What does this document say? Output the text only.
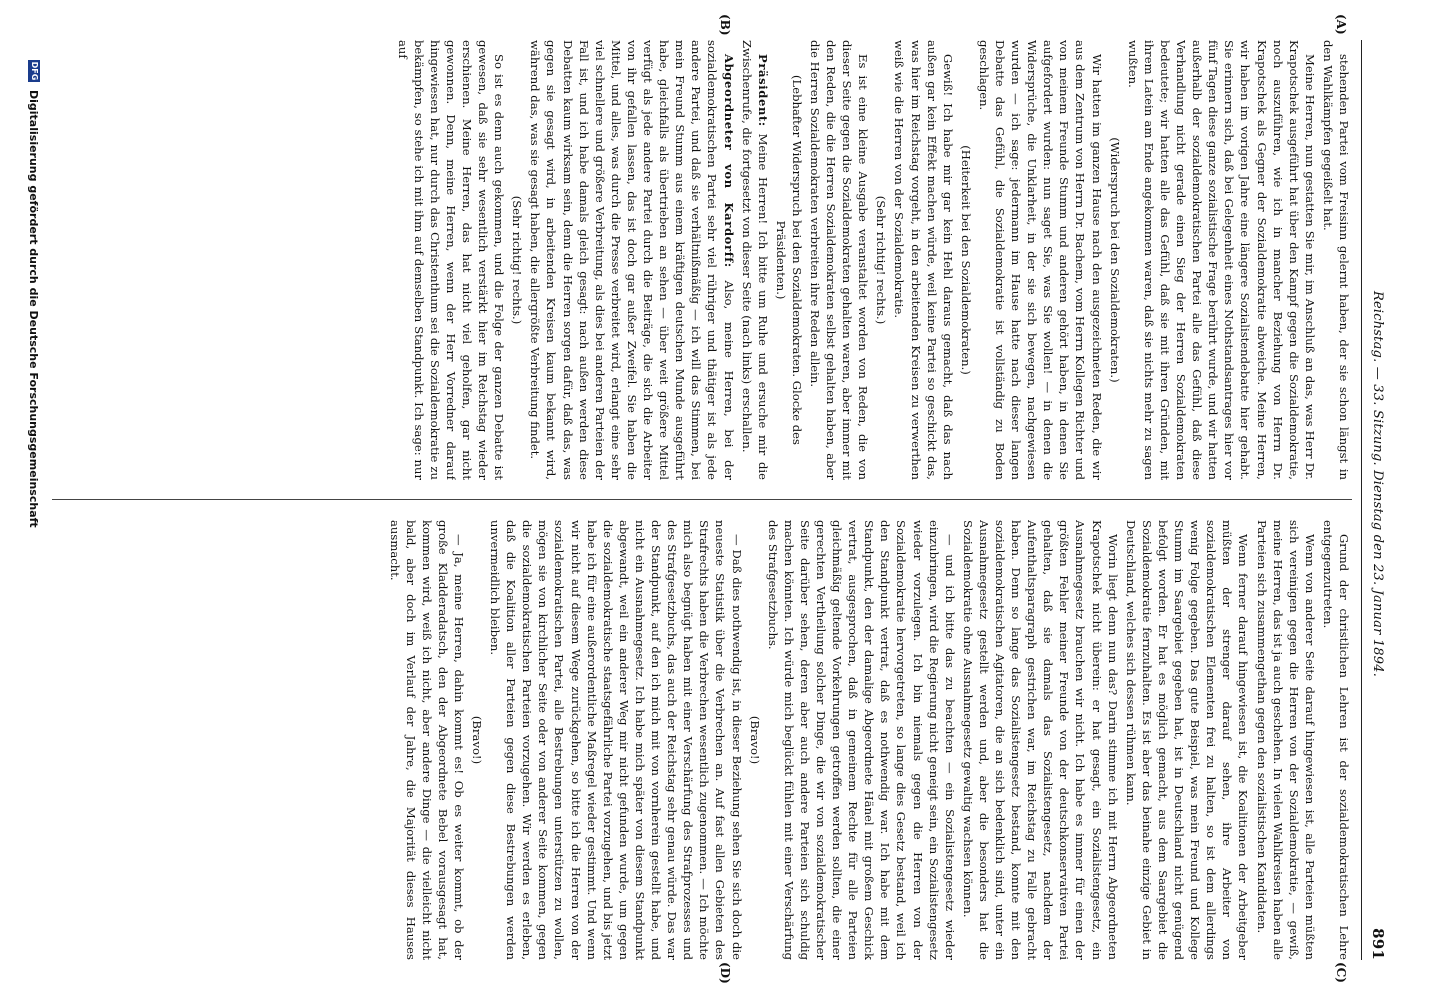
Reichstag. — 33. Sitzung. Dienstag den 23. Januar 1894.
891

stehenden Partei vom Freisinn gelernt haben, der sie schon längst in den Wahlkämpfen gegeißelt hat.

Meine Herren, nun gestatten Sie mir, im Anschluß an das, was Herr Dr. Krapotschek ausgeführt hat über den Kampf gegen die Sozialdemokratie, noch auszuführen, wie ich in mancher Beziehung von Herrn Dr. Krapotschek als Gegner der Sozialdemokratie abweiche. Meine Herren, wir haben im vorigen Jahre eine längere Sozialistendebatte hier gehabt. Sie erinnern sich, daß bei Gelegenheit eines Nothstandsantrages hier vor fünf Tagen diese ganze sozialistische Frage berührt wurde, und wir hatten außerhalb der sozialdemokratischen Partei alle das Gefühl, daß diese Verhandlung nicht gerade einen Sieg der Herren Sozialdemokraten bedeutete; wir hatten alle das Gefühl, daß sie mit ihren Gründen, mit ihrem Latein am Ende angekommen waren, daß sie nichts mehr zu sagen wußten.

(Widerspruch bei den Sozialdemokraten.)

Wir hatten im ganzen Hause nach den ausgezeichneten Reden, die wir aus dem Zentrum von Herrn Dr. Bachem, vom Herrn Kollegen Richter und von meinem Freunde Stumm und anderen gehört haben, in denen Sie aufgefordert wurden: nun saget Sie, was Sie wollen! — in denen die Widersprüche, die Unklarheit, in der sie sich bewegen, nachgewiesen wurden — ich sage: jedermann im Hause hatte nach dieser langen Debatte das Gefühl, die Sozialdemokratie ist vollständig zu Boden geschlagen.

(Heiterkeit bei den Sozialdemokraten.)

Gewiß! Ich habe mir gar kein Hehl daraus gemacht, daß das nach außen gar kein Effekt machen würde, weil keine Partei so geschickt das, was hier im Reichstag vorgeht, in den arbeitenden Kreisen zu verwerthen weiß wie die Herren von der Sozialdemokratie.

(Sehr richtig! rechts.)

Es ist eine kleine Ausgabe veranstaltet worden von Reden, die von dieser Seite gegen die Sozialdemokraten gehalten waren, aber immer mit den Reden, die die Herren Sozialdemokraten selbst gehalten haben, aber die Herren Sozialdemokraten verbreiten ihre Reden allein.

(Lebhafter Widerspruch bei den Sozialdemokraten. Glocke des Präsidenten.)

Präsident: Meine Herren! Ich bitte um Ruhe und ersuche mir die Zwischenrufe, die fortgesetzt von dieser Seite (nach links) erschallen.

Abgeordneter von Kardorff: Also, meine Herren, bei der sozialdemokratischen Partei sehr viel rühriger und thätiger ist als jede andere Partei, und daß sie verhältnißmäßig — ich will das Stimmen, bei mein Freund Stumm aus einem kräftigen deutschen Munde ausgeführt habe, gleichfalls als übertrieben an sehen — über weit größere Mittel verfügt als jede andere Partei durch die Beiträge, die sich die Arbeiter von ihr gefallen lassen, das ist doch gar außer Zweifel. Sie haben die Mittel, und alles, was durch die Presse verbreitet wird, erlangt eine sehr viel schnellere und größere Verbreitung, als dies bei anderen Parteien der Fall ist, und ich habe damals gleich gesagt: nach außen werden diese Debatten kaum wirksam sein, denn die Herren sorgen dafür, daß das, was gegen sie gesagt wird, in arbeitenden Kreisen kaum bekannt wird, während das, was sie gesagt haben, die allergrößte Verbreitung findet.

(Sehr richtig! rechts.)

So ist es denn auch gekommen, und die Folge der ganzen Debatte ist gewesen, daß sie sehr wesentlich verstärkt hier im Reichstag wieder erschienen. Meine Herren, das hat nicht viel geholfen, gar nicht gewonnen. Denn, meine Herren, wenn der Herr Vorredner darauf hingewiesen hat, nur durch das Christenthum sei die Sozialdemokratie zu bekämpfen, so stehe ich mit ihm auf demselben Standpunkt. Ich sage: nur auf

Grund der christlichen Lehren ist der sozialdemokratischen Lehre entgegenzutreten.

Wenn von anderer Seite darauf hingewiesen ist, alle Parteien müßten sich vereinigen gegen die Herren von der Sozialdemokratie, — gewiß, meine Herren, das ist ja auch geschehen. In vielen Wahlkreisen haben alle Parteien sich zusammengethan gegen den sozialistischen Kandidaten.

Wenn ferner darauf hingewiesen ist, die Koalitionen der Arbeitgeber müßten der strenger darauf sehen, ihre Arbeiter von sozialdemokratischen Elementen frei zu halten, so ist dem allerdings wenig Folge gegeben. Das gute Beispiel, was mein Freund und Kollege Stumm im Saargebiet gegeben hat, ist in Deutschland nicht genügend befolgt worden. Er hat es möglich gemacht, aus dem Saargebiet die Sozialdemokratie fernzuhalten. Es ist aber das beinahe einzige Gebiet in Deutschland, welches sich dessen rühmen kann.

Worin liegt denn nun das? Darin stimme ich mit Herrn Abgeordneten Krapotschek nicht überein: er hat gesagt, ein Sozialistengesetz, ein Ausnahmegesetz brauchen wir nicht. Ich habe es immer für einen der größten Fehler meiner Freunde von der deutschkonservativen Partei gehalten, daß sie damals das Sozialistengesetz, nachdem der Aufenthaltsparagraph gestrichen war, im Reichstag zu Falle gebracht haben. Denn so lange das Sozialistengesetz bestand, konnte mit den sozialdemokratischen Agitatoren, die an sich bedenklich sind, unter ein Ausnahmegesetz gestellt werden und, aber die besonders hat die Sozialdemokratie ohne Ausnahmegesetz gewaltig wachsen können.

— und ich bitte das zu beachten — ein Sozialistengesetz wieder einzubringen, wird die Regierung nicht geneigt sein, ein Sozialistengesetz wieder vorzulegen. Ich bin niemals gegen die Herren von der Sozialdemokratie hervorgetreten, so lange dies Gesetz bestand, weil ich den Standpunkt vertrat, daß es nothwendig war. Ich habe mit dem Standpunkt, den der damalige Abgeordnete Hänel mit großem Geschick vertrat, ausgesprochen, daß in gemeinem Rechte für alle Parteien gleichmäßig geltende Vorkehrungen getroffen werden sollten, die einer gerechten Vertheilung solcher Dinge, die wir von sozialdemokratischer Seite darüber sehen, deren aber auch andere Parteien sich schuldig machen könnten. Ich würde mich beglückt fühlen mit einer Verschärfung des Strafgesetzbuchs.

(Bravo!)

— Daß dies nothwendig ist, in dieser Beziehung sehen Sie sich doch die neueste Statistik über die Verbrechen an. Auf fast allen Gebieten des Strafrechts haben die Verbrechen wesentlich zugenommen. — Ich möchte mich also begnügt haben mit einer Verschärfung des Strafprozesses und des Strafgesetzbuchs, das auch der Reichstag sehr genau würde. Das war der Standpunkt, auf den ich mich mit von vornherein gestellt habe, und nicht ein Ausnahmegesetz. Ich habe mich später von diesem Standpunkt abgewandt, weil ein anderer Weg mir nicht gefunden wurde, um gegen die sozialdemokratische staatsgefährliche Partei vorzugehen, und bis jetzt habe ich für eine außerordentliche Maßregel wieder gestimmt. Und wenn wir nicht auf diesem Wege zurückgehen, so bitte ich die Herren von der sozialdemokratischen Partei, alle Bestrebungen unterstützen zu wollen, mögen sie von kirchlicher Seite oder von anderer Seite kommen, gegen die sozialdemokratischen Parteien vorzugehen. Wir werden es erleben, daß die Koalition aller Parteien gegen diese Bestrebungen werden unvermeidlich bleiben.

(Bravo!)

— Ja, meine Herren, dahin kommt es! Ob es weiter kommt, ob der große Kladderadatsch, den der Abgeordnete Bebel vorausgesagt hat, kommen wird, weiß ich nicht, aber andere Dinge — die vielleicht nicht bald, aber doch im Verlauf der Jahre, die Majorität dieses Hauses ausmacht.

(A)
(B)
(C)
(D)
DFG
Digitalisierung gefördert durch die Deutsche Forschungsgemeinschaft
